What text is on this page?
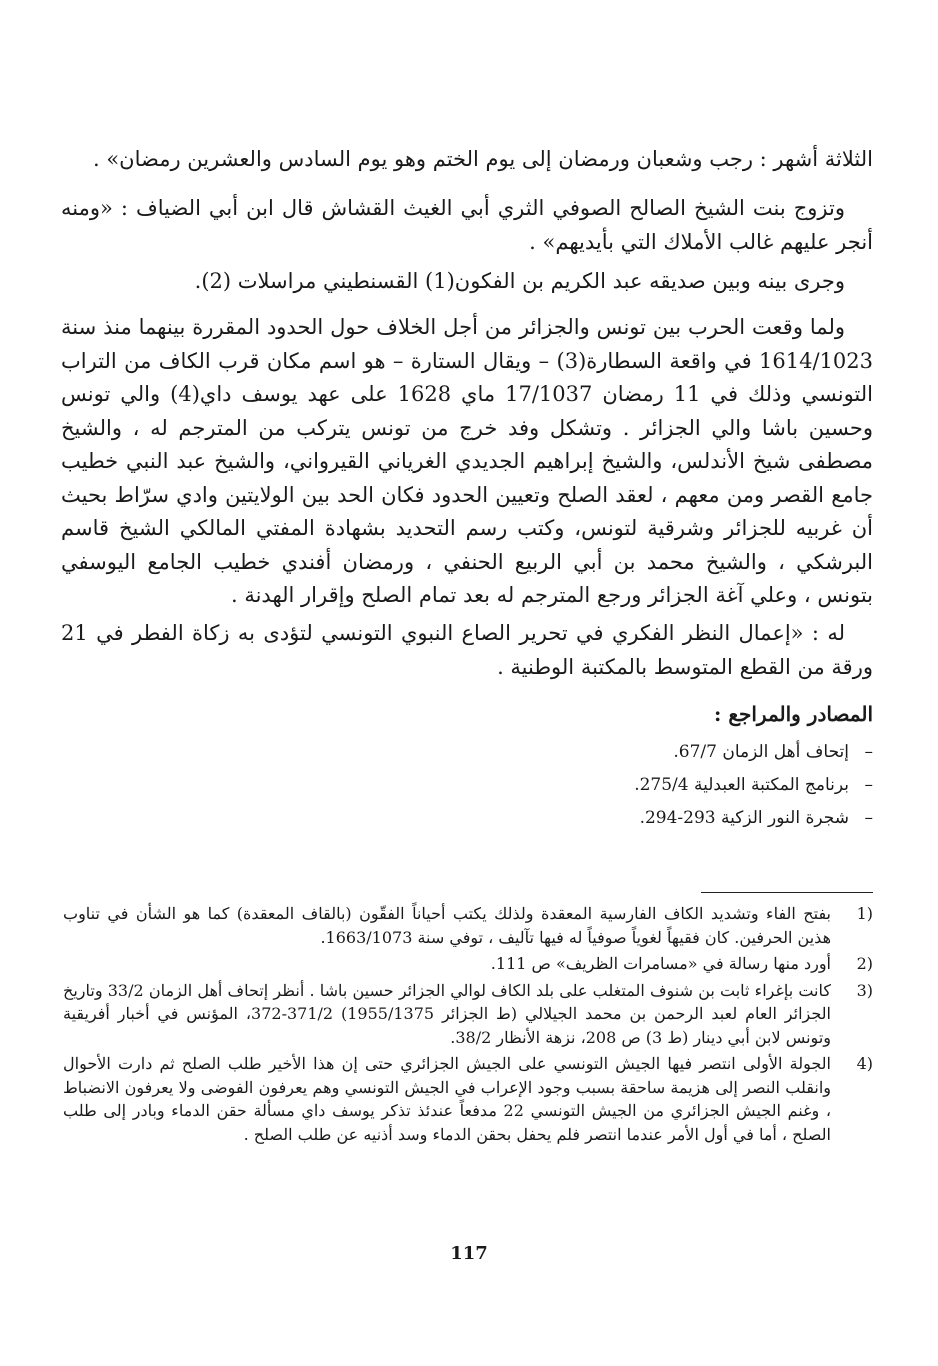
الثلاثة أشهر : رجب وشعبان ورمضان إلى يوم الختم وهو يوم السادس والعشرين رمضان» .

وتزوج بنت الشيخ الصالح الصوفي الثري أبي الغيث القشاش قال ابن أبي الضياف : «ومنه أنجر عليهم غالب الأملاك التي بأيديهم» .

وجرى بينه وبين صديقه عبد الكريم بن الفكون(1) القسنطيني مراسلات (2).

ولما وقعت الحرب بين تونس والجزائر من أجل الخلاف حول الحدود المقررة بينهما منذ سنة 1614/1023 في واقعة السطارة(3) – ويقال الستارة – هو اسم مكان قرب الكاف من التراب التونسي وذلك في 11 رمضان 17/1037 ماي 1628 على عهد يوسف داي(4) والي تونس وحسين باشا والي الجزائر . وتشكل وفد خرج من تونس يتركب من المترجم له ، والشيخ مصطفى شيخ الأندلس، والشيخ إبراهيم الجديدي الغرياني القيرواني، والشيخ عبد النبي خطيب جامع القصر ومن معهم ، لعقد الصلح وتعيين الحدود فكان الحد بين الولايتين وادي سرّاط بحيث أن غربيه للجزائر وشرقية لتونس، وكتب رسم التحديد بشهادة المفتي المالكي الشيخ قاسم البرشكي ، والشيخ محمد بن أبي الربيع الحنفي ، ورمضان أفندي خطيب الجامع اليوسفي بتونس ، وعلي آغة الجزائر ورجع المترجم له بعد تمام الصلح وإقرار الهدنة .

له : «إعمال النظر الفكري في تحرير الصاع النبوي التونسي لتؤدى به زكاة الفطر في 21 ورقة من القطع المتوسط بالمكتبة الوطنية .

المصادر والمراجع :
–
إتحاف أهل الزمان 67/7.
–
برنامج المكتبة العبدلية 275/4.
–
شجرة النور الزكية 293-294.
1)
بفتح الفاء وتشديد الكاف الفارسية المعقدة ولذلك يكتب أحياناً الفقّون (بالقاف المعقدة) كما هو الشأن في تناوب هذين الحرفين. كان فقيهاً لغوياً صوفياً له فيها تآليف ، توفي سنة 1663/1073.
2)
أورد منها رسالة في «مسامرات الظريف» ص 111.
3)
كانت بإغراء ثابت بن شنوف المتغلب على بلد الكاف لوالي الجزائر حسين باشا . أنظر إتحاف أهل الزمان 33/2 وتاريخ الجزائر العام لعبد الرحمن بن محمد الجيلالي (ط الجزائر 1955/1375) 371/2-372، المؤنس في أخبار أفريقية وتونس لابن أبي دينار (ط 3) ص 208، نزهة الأنظار 38/2.
4)
الجولة الأولى انتصر فيها الجيش التونسي على الجيش الجزائري حتى إن هذا الأخير طلب الصلح ثم دارت الأحوال وانقلب النصر إلى هزيمة ساحقة بسبب وجود الإعراب في الجيش التونسي وهم يعرفون الفوضى ولا يعرفون الانضباط ، وغنم الجيش الجزائري من الجيش التونسي 22 مدفعاً عندئذ تذكر يوسف داي مسألة حقن الدماء وبادر إلى طلب الصلح ، أما في أول الأمر عندما انتصر فلم يحفل بحقن الدماء وسد أذنيه عن طلب الصلح .
117
